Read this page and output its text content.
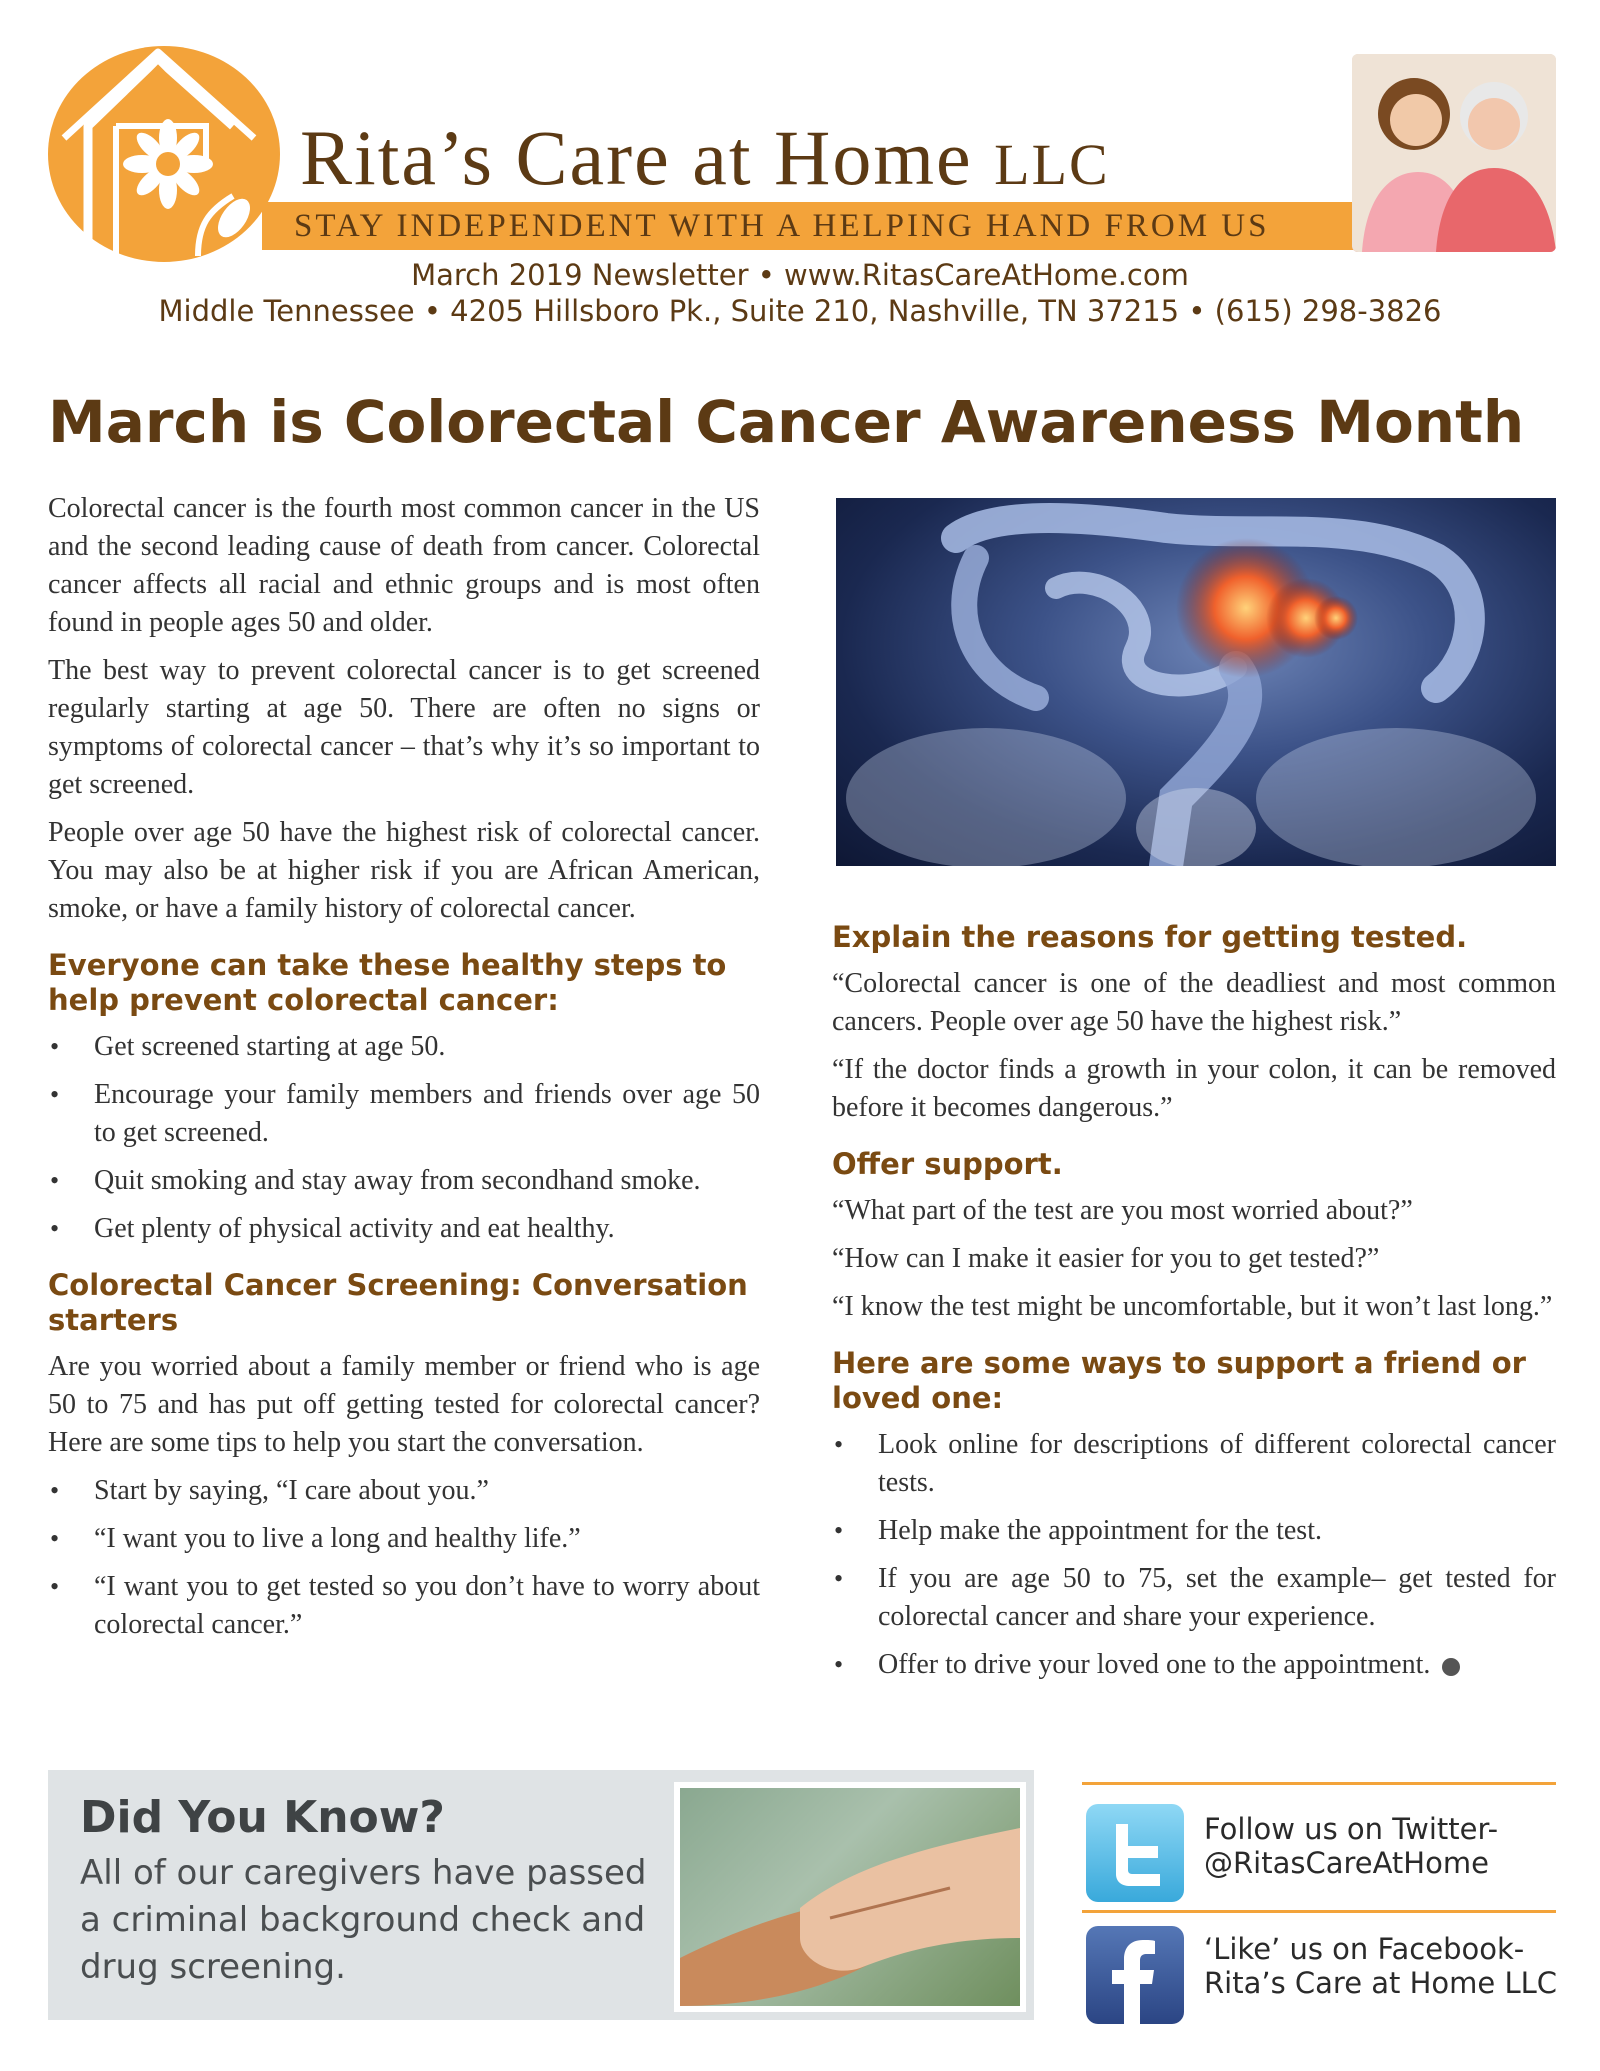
Rita’s Care at Home LLC
STAY INDEPENDENT WITH A HELPING HAND FROM US
March 2019 Newsletter • www.RitasCareAtHome.com
Middle Tennessee • 4205 Hillsboro Pk., Suite 210, Nashville, TN 37215 • (615) 298-3826
March is Colorectal Cancer Awareness Month

Colorectal cancer is the fourth most common cancer in the US and the second leading cause of death from cancer. Colorectal cancer affects all racial and ethnic groups and is most often found in people ages 50 and older.

The best way to prevent colorectal cancer is to get screened regularly starting at age 50. There are often no signs or symptoms of colorectal cancer – that’s why it’s so important to get screened.

People over age 50 have the highest risk of colorectal cancer. You may also be at higher risk if you are African American, smoke, or have a family history of colorectal cancer.

Everyone can take these healthy steps to help prevent colorectal cancer:
• Get screened starting at age 50.
• Encourage your family members and friends over age 50 to get screened.
• Quit smoking and stay away from secondhand smoke.
• Get plenty of physical activity and eat healthy.
Colorectal Cancer Screening: Conversation starters

Are you worried about a family member or friend who is age 50 to 75 and has put off getting tested for colorectal cancer? Here are some tips to help you start the conversation.

• Start by saying, “I care about you.”
• “I want you to live a long and healthy life.”
• “I want you to get tested so you don’t have to worry about colorectal cancer.”
Explain the reasons for getting tested.

“Colorectal cancer is one of the deadliest and most common cancers. People over age 50 have the highest risk.”

“If the doctor finds a growth in your colon, it can be removed before it becomes dangerous.”

Offer support.

“What part of the test are you most worried about?”

“How can I make it easier for you to get tested?”

“I know the test might be uncomfortable, but it won’t last long.”

Here are some ways to support a friend or loved one:
• Look online for descriptions of different colorectal cancer tests.
• Help make the appointment for the test.
• If you are age 50 to 75, set the example– get tested for colorectal cancer and share your experience.
• Offer to drive your loved one to the appointment.
Did You Know?
All of our caregivers have passed a criminal background check and drug screening.
Follow us on Twitter-
@RitasCareAtHome
‘Like’ us on Facebook-
Rita’s Care at Home LLC
